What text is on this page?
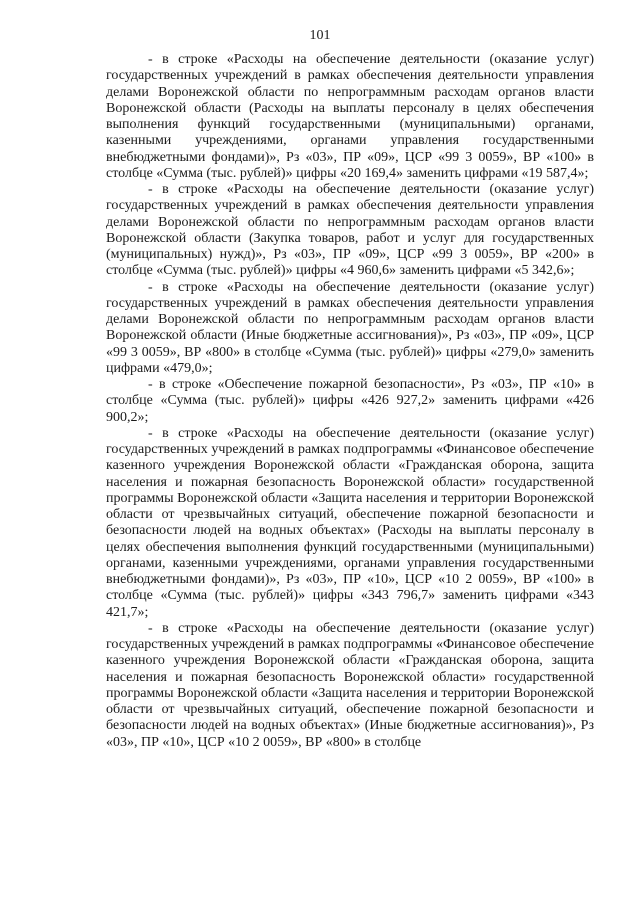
101

- в строке «Расходы на обеспечение деятельности (оказание услуг) государственных учреждений в рамках обеспечения деятельности управления делами Воронежской области по непрограммным расходам органов власти Воронежской области (Расходы на выплаты персоналу в целях обеспечения выполнения функций государственными (муниципальными) органами, казенными учреждениями, органами управления государственными внебюджетными фондами)», Рз «03», ПР «09», ЦСР «99 3 0059», ВР «100» в столбце «Сумма (тыс. рублей)» цифры «20 169,4» заменить цифрами «19 587,4»;

- в строке «Расходы на обеспечение деятельности (оказание услуг) государственных учреждений в рамках обеспечения деятельности управления делами Воронежской области по непрограммным расходам органов власти Воронежской области (Закупка товаров, работ и услуг для государственных (муниципальных) нужд)», Рз «03», ПР «09», ЦСР «99 3 0059», ВР «200» в столбце «Сумма (тыс. рублей)» цифры «4 960,6» заменить цифрами «5 342,6»;

- в строке «Расходы на обеспечение деятельности (оказание услуг) государственных учреждений в рамках обеспечения деятельности управления делами Воронежской области по непрограммным расходам органов власти Воронежской области (Иные бюджетные ассигнования)», Рз «03», ПР «09», ЦСР «99 3 0059», ВР «800» в столбце «Сумма (тыс. рублей)» цифры «279,0» заменить цифрами «479,0»;

- в строке «Обеспечение пожарной безопасности», Рз «03», ПР «10» в столбце «Сумма (тыс. рублей)» цифры «426 927,2» заменить цифрами «426 900,2»;

- в строке «Расходы на обеспечение деятельности (оказание услуг) государственных учреждений в рамках подпрограммы «Финансовое обеспечение казенного учреждения Воронежской области «Гражданская оборона, защита населения и пожарная безопасность Воронежской области» государственной программы Воронежской области «Защита населения и территории Воронежской области от чрезвычайных ситуаций, обеспечение пожарной безопасности и безопасности людей на водных объектах» (Расходы на выплаты персоналу в целях обеспечения выполнения функций государственными (муниципальными) органами, казенными учреждениями, органами управления государственными внебюджетными фондами)», Рз «03», ПР «10», ЦСР «10 2 0059», ВР «100» в столбце «Сумма (тыс. рублей)» цифры «343 796,7» заменить цифрами «343 421,7»;

- в строке «Расходы на обеспечение деятельности (оказание услуг) государственных учреждений в рамках подпрограммы «Финансовое обеспечение казенного учреждения Воронежской области «Гражданская оборона, защита населения и пожарная безопасность Воронежской области» государственной программы Воронежской области «Защита населения и территории Воронежской области от чрезвычайных ситуаций, обеспечение пожарной безопасности и безопасности людей на водных объектах» (Иные бюджетные ассигнования)», Рз «03», ПР «10», ЦСР «10 2 0059», ВР «800» в столбце
